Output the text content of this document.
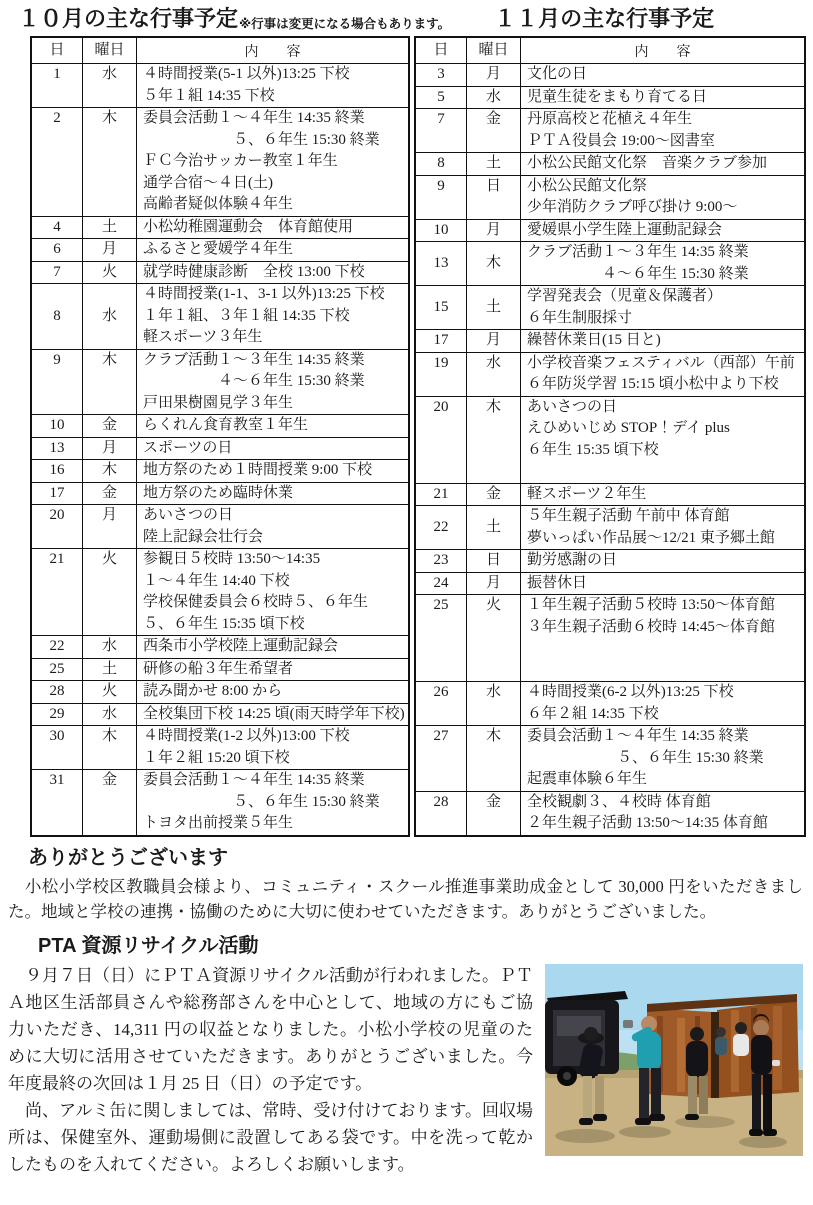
１０月の主な行事予定 ※行事は変更になる場合もあります。	１１月の主な行事予定
日	曜日	内　　容
1	水	４時間授業(5-1 以外)13:25 下校
５年１組 14:35 下校
2	木	委員会活動１～４年生 14:35 終業
　　　　　　５、６年生 15:30 終業
ＦＣ今治サッカー教室１年生
通学合宿～４日(土)
高齢者疑似体験４年生
4	土	小松幼稚園運動会　体育館使用
6	月	ふるさと愛媛学４年生
7	火	就学時健康診断　全校 13:00 下校
8	水
４時間授業(1-1、3-1 以外)13:25 下校
１年１組、３年１組 14:35 下校
軽スポーツ３年生
9	木	クラブ活動１～３年生 14:35 終業
　　　　　４～６年生 15:30 終業
戸田果樹園見学３年生
10	金	らくれん食育教室１年生
13	月	スポーツの日
16	木	地方祭のため１時間授業 9:00 下校
17	金	地方祭のため臨時休業
20	月	あいさつの日
陸上記録会壮行会
21	火	参観日５校時 13:50～14:35
１～４年生 14:40 下校
学校保健委員会６校時５、６年生
５、６年生 15:35 頃下校
22	水	西条市小学校陸上運動記録会
25	土	研修の船３年生希望者
28	火	読み聞かせ 8:00 から
29	水	全校集団下校 14:25 頃(雨天時学年下校)
30	木	４時間授業(1-2 以外)13:00 下校
１年２組 15:20 頃下校
31	金	委員会活動１～４年生 14:35 終業
　　　　　　５、６年生 15:30 終業
トヨタ出前授業５年生
日	曜日	内　　容
3	月	文化の日
5	水	児童生徒をまもり育てる日
7	金	丹原高校と花植え４年生
ＰＴＡ役員会 19:00～図書室
8	土	小松公民館文化祭　音楽クラブ参加
9	日	小松公民館文化祭
少年消防クラブ呼び掛け 9:00～
10	月	愛媛県小学生陸上運動記録会
13	木
クラブ活動１～３年生 14:35 終業
　　　　　４～６年生 15:30 終業
15	土
学習発表会（児童＆保護者）
６年生制服採寸
17	月	繰替休業日(15 日と)
19	水	小学校音楽フェスティバル（西部）午前
６年防災学習 15:15 頃小松中より下校
20	木	あいさつの日
えひめいじめ STOP！デイ plus
６年生 15:35 頃下校
21	金	軽スポーツ２年生
22	土
５年生親子活動 午前中 体育館
夢いっぱい作品展～12/21 東予郷土館
23	日	勤労感謝の日
24	月	振替休日
25	火	１年生親子活動５校時 13:50～体育館
３年生親子活動６校時 14:45～体育館
26	水	４時間授業(6-2 以外)13:25 下校
６年２組 14:35 下校
27	木	委員会活動１～４年生 14:35 終業
　　　　　　５、６年生 15:30 終業
起震車体験６年生
28	金	全校観劇３、４校時 体育館
２年生親子活動 13:50～14:35 体育館
ありがとうございます
　小松小学校区教職員会様より、コミュニティ・スクール推進事業助成金として 30,000 円をいただきました。地域と学校の連携・協働のために大切に使わせていただきます。ありがとうございました。
PTA 資源リサイクル活動
　９月７日（日）にＰＴＡ資源リサイクル活動が行われました。ＰＴＡ地区生活部員さんや総務部さんを中心として、地域の方にもご協力いただき、14,311 円の収益となりました。小松小学校の児童のために大切に活用させていただきます。ありがとうございました。今年度最終の次回は１月 25 日（日）の予定です。
　尚、アルミ缶に関しましては、常時、受け付けております。回収場所は、保健室外、運動場側に設置してある袋です。中を洗って乾かしたものを入れてください。よろしくお願いします。
